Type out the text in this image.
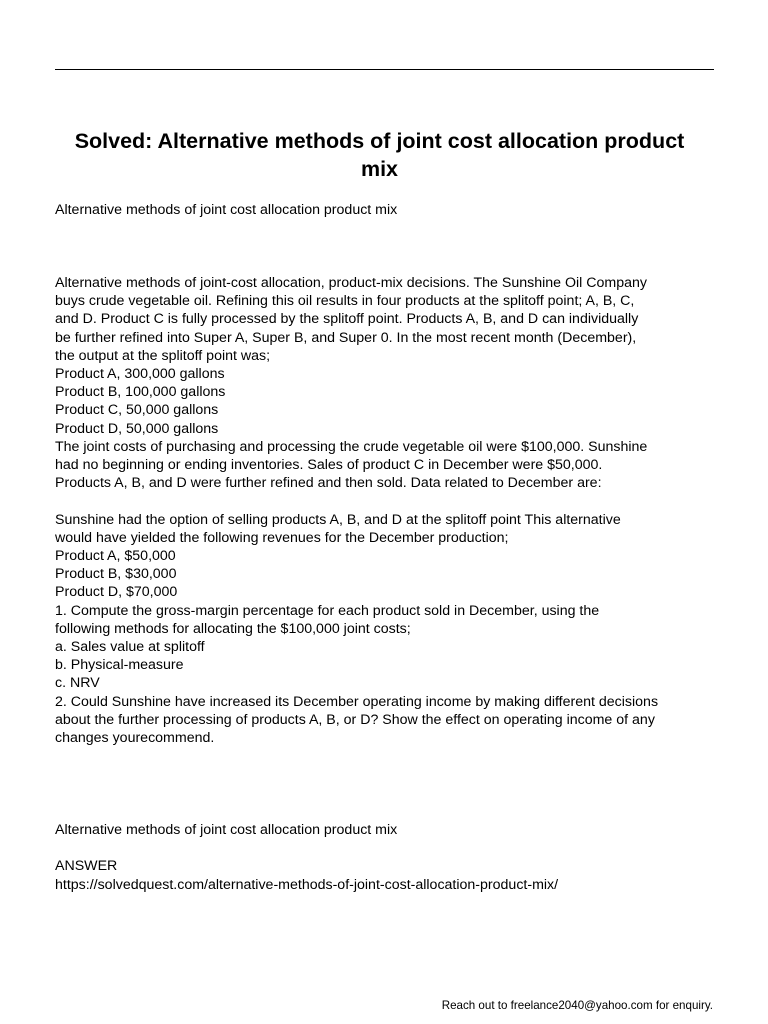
Solved: Alternative methods of joint cost allocation product mix

Alternative methods of joint cost allocation product mix

Alternative methods of joint-cost allocation, product-mix decisions. The Sunshine Oil Company

buys crude vegetable oil. Refining this oil results in four products at the splitoff point; A, B, C,

and D. Product C is fully processed by the splitoff point. Products A, B, and D can individually

be further refined into Super A, Super B, and Super 0. In the most recent month (December),

the output at the splitoff point was;

Product A, 300,000 gallons

Product B, 100,000 gallons

Product C, 50,000 gallons

Product D, 50,000 gallons

The joint costs of purchasing and processing the crude vegetable oil were $100,000. Sunshine

had no beginning or ending inventories. Sales of product C in December were $50,000.

Products A, B, and D were further refined and then sold. Data related to December are:

Sunshine had the option of selling products A, B, and D at the splitoff point This alternative

would have yielded the following revenues for the December production;

Product A, $50,000

Product B, $30,000

Product D, $70,000

1. Compute the gross-margin percentage for each product sold in December, using the

following methods for allocating the $100,000 joint costs;

a. Sales value at splitoff

b. Physical-measure

c. NRV

2. Could Sunshine have increased its December operating income by making different decisions

about the further processing of products A, B, or D? Show the effect on operating income of any

changes yourecommend.

Alternative methods of joint cost allocation product mix

ANSWER

https://solvedquest.com/alternative-methods-of-joint-cost-allocation-product-mix/

Reach out to freelance2040@yahoo.com for enquiry.
